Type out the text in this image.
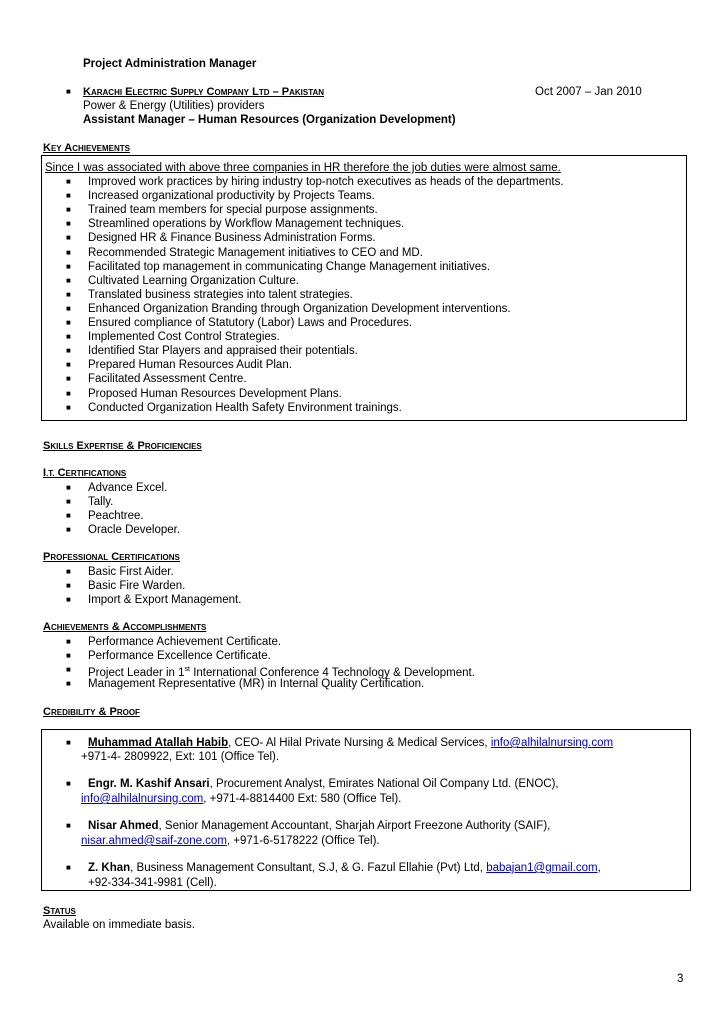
Project Administration Manager
■ KARACHI ELECTRIC SUPPLY COMPANY LTD – PAKISTAN	Oct 2007 – Jan 2010
Power & Energy (Utilities) providers
Assistant Manager – Human Resources (Organization Development)
KEY ACHIEVEMENTS
Since I was associated with above three companies in HR therefore the job duties were almost same.
■ Improved work practices by hiring industry top-notch executives as heads of the departments.
■ Increased organizational productivity by Projects Teams.
■ Trained team members for special purpose assignments.
■ Streamlined operations by Workflow Management techniques.
■ Designed HR & Finance Business Administration Forms.
■ Recommended Strategic Management initiatives to CEO and MD.
■ Facilitated top management in communicating Change Management initiatives.
■ Cultivated Learning Organization Culture.
■ Translated business strategies into talent strategies.
■ Enhanced Organization Branding through Organization Development interventions.
■ Ensured compliance of Statutory (Labor) Laws and Procedures.
■ Implemented Cost Control Strategies.
■ Identified Star Players and appraised their potentials.
■ Prepared Human Resources Audit Plan.
■ Facilitated Assessment Centre.
■ Proposed Human Resources Development Plans.
■ Conducted Organization Health Safety Environment trainings.
SKILLS EXPERTISE & PROFICIENCIES
I.T. CERTIFICATIONS
■ Advance Excel.
■ Tally.
■ Peachtree.
■ Oracle Developer.
PROFESSIONAL CERTIFICATIONS
■ Basic First Aider.
■ Basic Fire Warden.
■ Import & Export Management.
ACHIEVEMENTS & ACCOMPLISHMENTS
■ Performance Achievement Certificate.
■ Performance Excellence Certificate.
■ Project Leader in 1st International Conference 4 Technology & Development.
■ Management Representative (MR) in Internal Quality Certification.
CREDIBILITY & PROOF
■ Muhammad Atallah Habib, CEO- Al Hilal Private Nursing & Medical Services, info@alhilalnursing.com
+971-4- 2809922, Ext: 101 (Office Tel).
■ Engr. M. Kashif Ansari, Procurement Analyst, Emirates National Oil Company Ltd. (ENOC),
info@alhilalnursing.com, +971-4-8814400 Ext: 580 (Office Tel).
■ Nisar Ahmed, Senior Management Accountant, Sharjah Airport Freezone Authority (SAIF),
nisar.ahmed@saif-zone.com, +971-6-5178222 (Office Tel).
■ Z. Khan, Business Management Consultant, S.J, & G. Fazul Ellahie (Pvt) Ltd, babajan1@gmail.com,
+92-334-341-9981 (Cell).
STATUS
Available on immediate basis.
3
